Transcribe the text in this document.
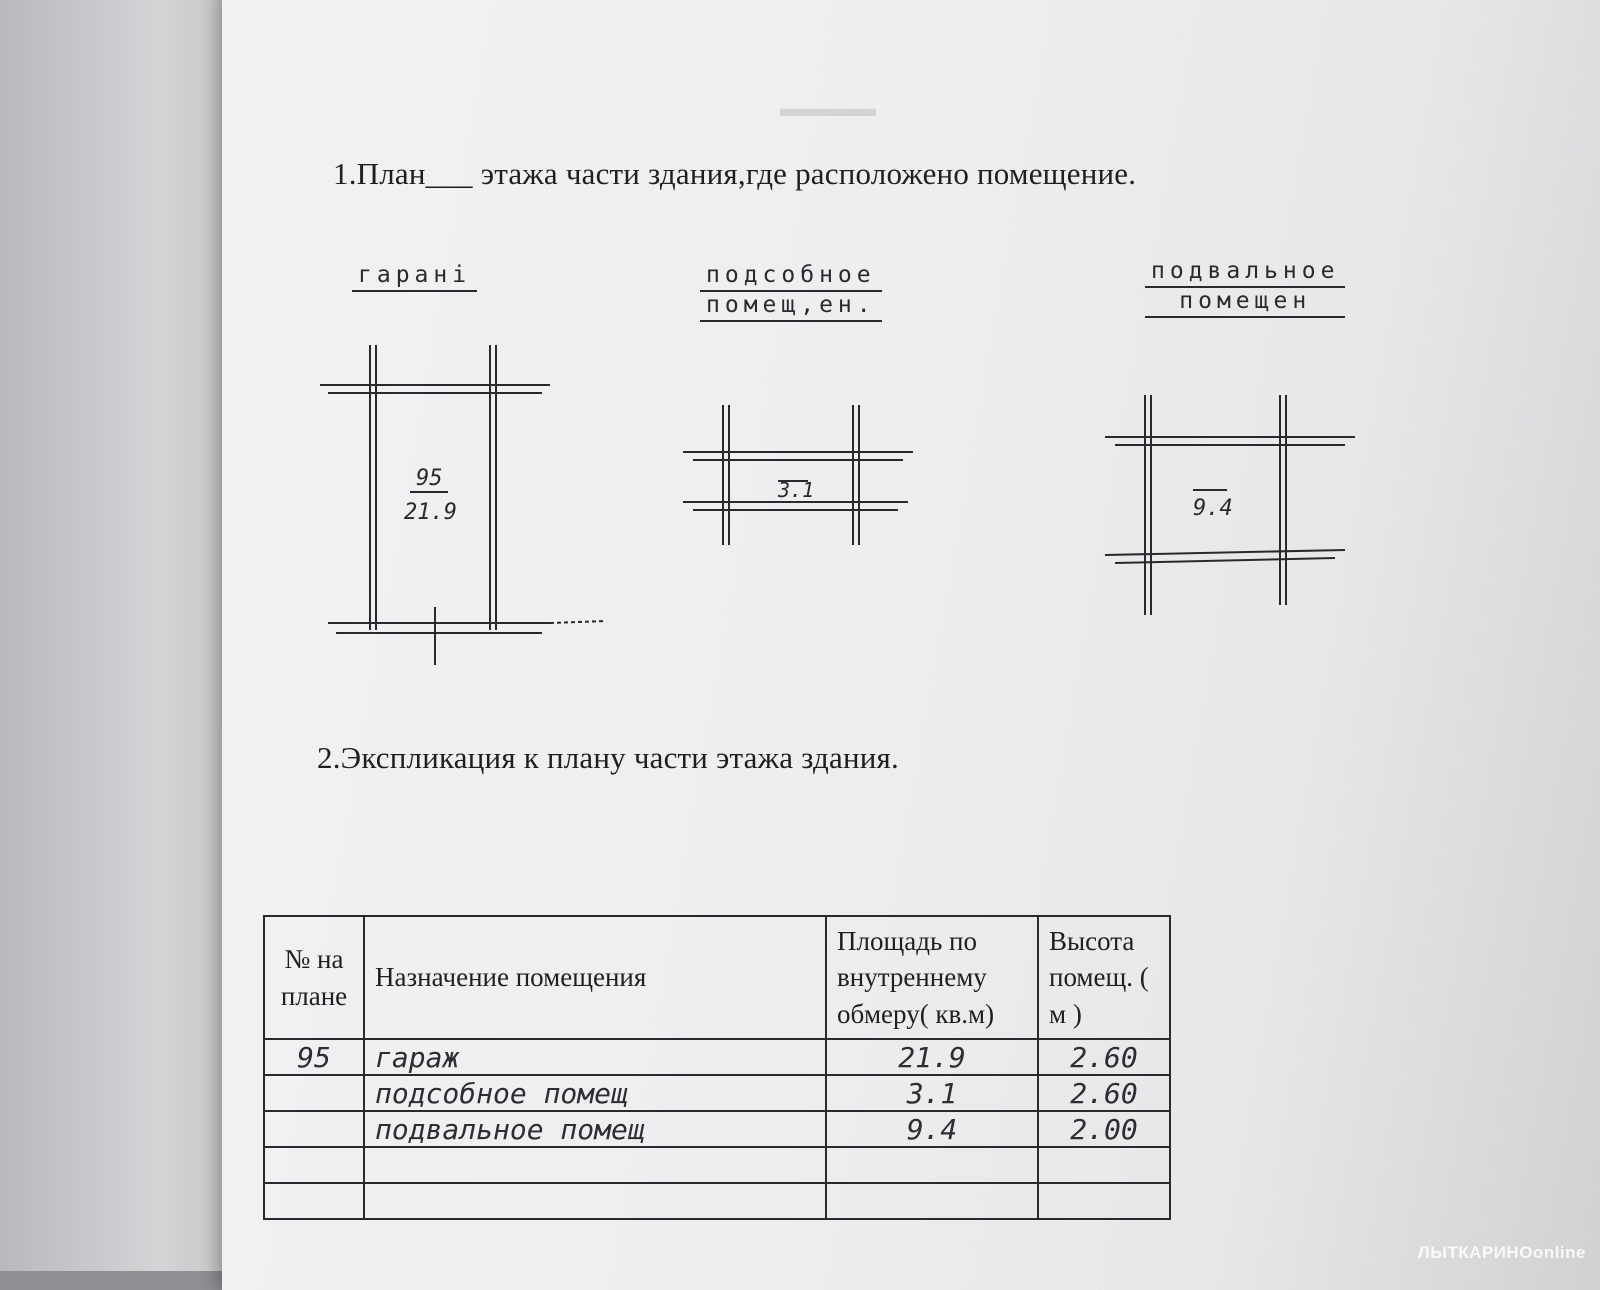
▬▬▬▬
1.План___ этажа части здания,где расположено помещение.
гарані	подсобное
помещ,ен.
подвальное
помещен
95
21.9
3.1
9.4
2.Экспликация к плану части этажа здания.
№ на плане	Назначение помещения	Площадь по внутреннему обмеру( кв.м)	Высота помещ. ( м )
95	гараж	21.9	2.60
	подсобное помещ	3.1	2.60
	подвальное помещ	9.4	2.00

ЛЫТКАРИНОonline
